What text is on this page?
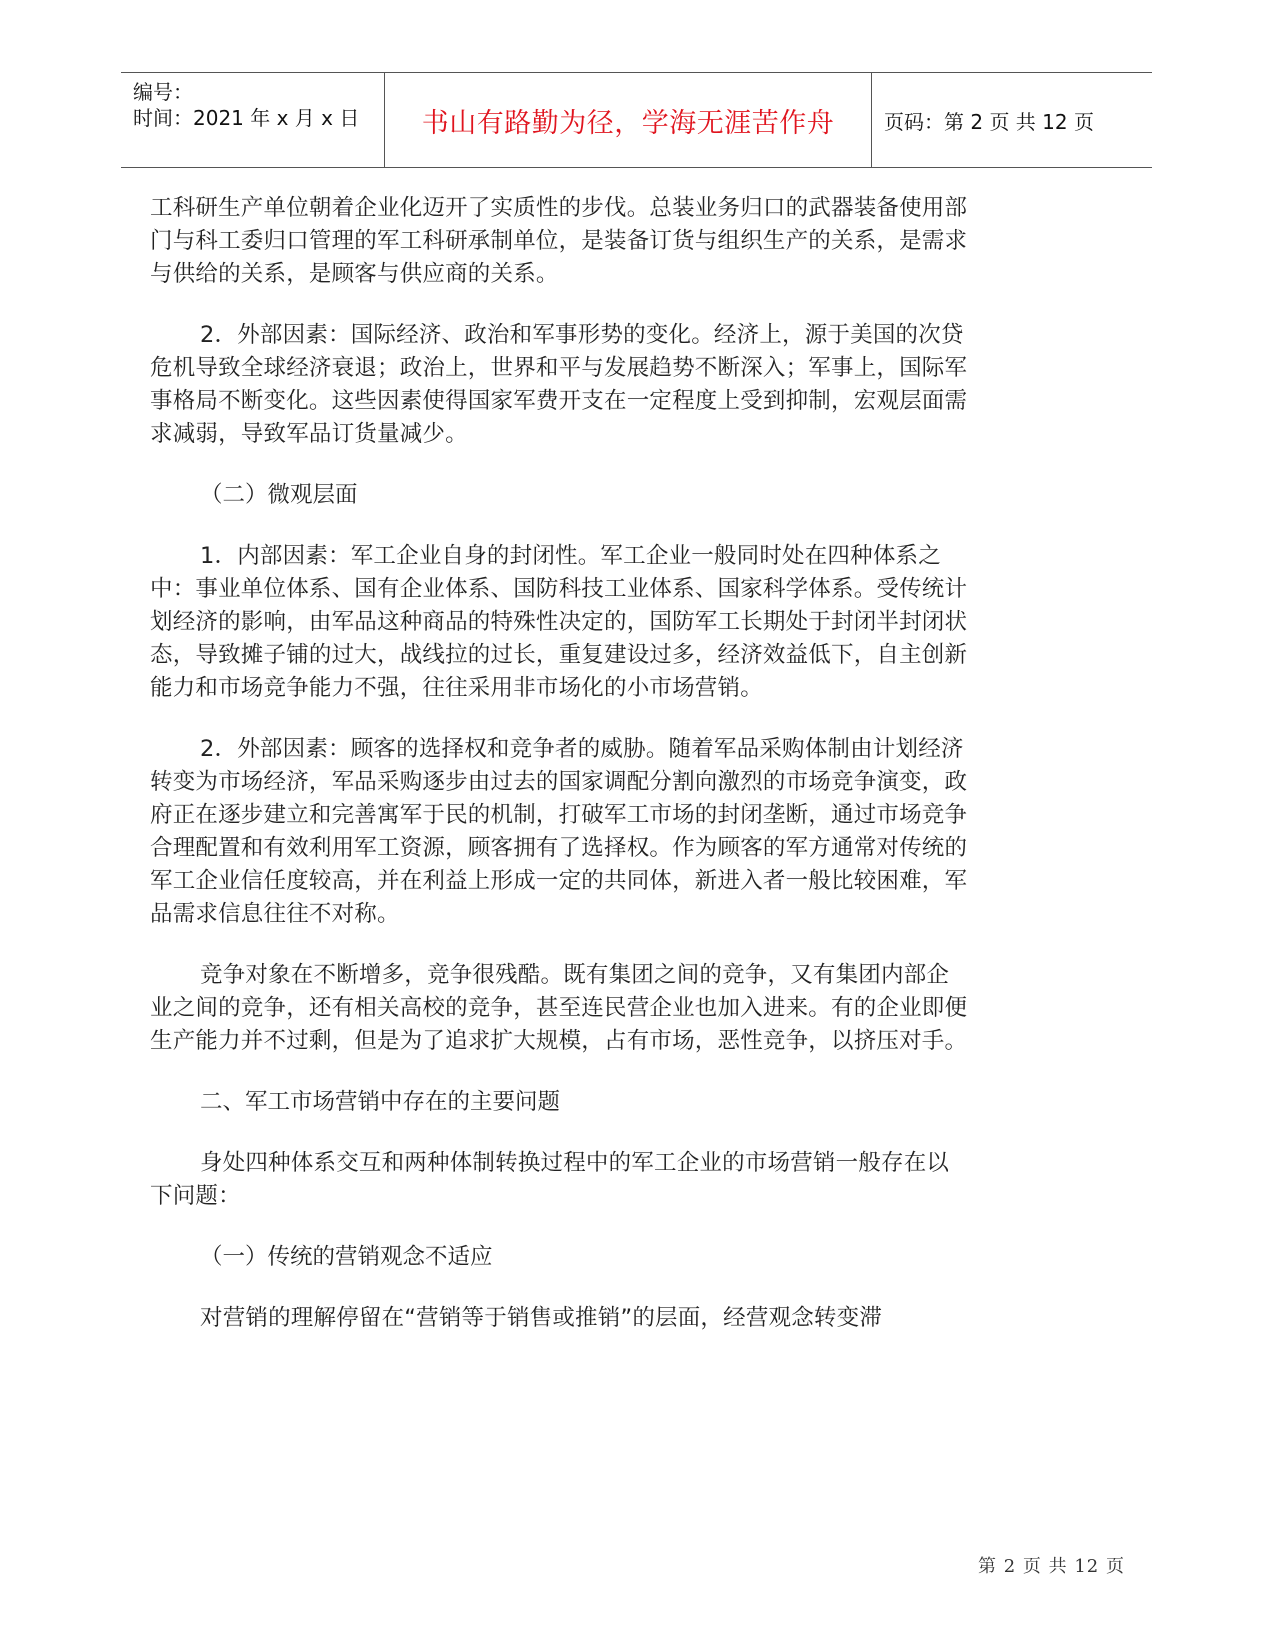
编号：
时间：2021 年 x 月 x 日	书山有路勤为径，学海无涯苦作舟	页码：第 2 页 共 12 页

工科研生产单位朝着企业化迈开了实质性的步伐。总装业务归口的武器装备使用部门与科工委归口管理的军工科研承制单位，是装备订货与组织生产的关系，是需求与供给的关系，是顾客与供应商的关系。

2．外部因素：国际经济、政治和军事形势的变化。经济上，源于美国的次贷危机导致全球经济衰退；政治上，世界和平与发展趋势不断深入；军事上，国际军事格局不断变化。这些因素使得国家军费开支在一定程度上受到抑制，宏观层面需求减弱，导致军品订货量减少。

（二）微观层面

1．内部因素：军工企业自身的封闭性。军工企业一般同时处在四种体系之中：事业单位体系、国有企业体系、国防科技工业体系、国家科学体系。受传统计划经济的影响，由军品这种商品的特殊性决定的，国防军工长期处于封闭半封闭状态，导致摊子铺的过大，战线拉的过长，重复建设过多，经济效益低下，自主创新能力和市场竞争能力不强，往往采用非市场化的小市场营销。

2．外部因素：顾客的选择权和竞争者的威胁。随着军品采购体制由计划经济转变为市场经济，军品采购逐步由过去的国家调配分割向激烈的市场竞争演变，政府正在逐步建立和完善寓军于民的机制，打破军工市场的封闭垄断，通过市场竞争合理配置和有效利用军工资源，顾客拥有了选择权。作为顾客的军方通常对传统的军工企业信任度较高，并在利益上形成一定的共同体，新进入者一般比较困难，军品需求信息往往不对称。

竞争对象在不断增多，竞争很残酷。既有集团之间的竞争，又有集团内部企业之间的竞争，还有相关高校的竞争，甚至连民营企业也加入进来。有的企业即便生产能力并不过剩，但是为了追求扩大规模，占有市场，恶性竞争，以挤压对手。

二、军工市场营销中存在的主要问题

身处四种体系交互和两种体制转换过程中的军工企业的市场营销一般存在以下问题：

（一）传统的营销观念不适应

对营销的理解停留在“营销等于销售或推销”的层面，经营观念转变滞

第 2 页 共 12 页
